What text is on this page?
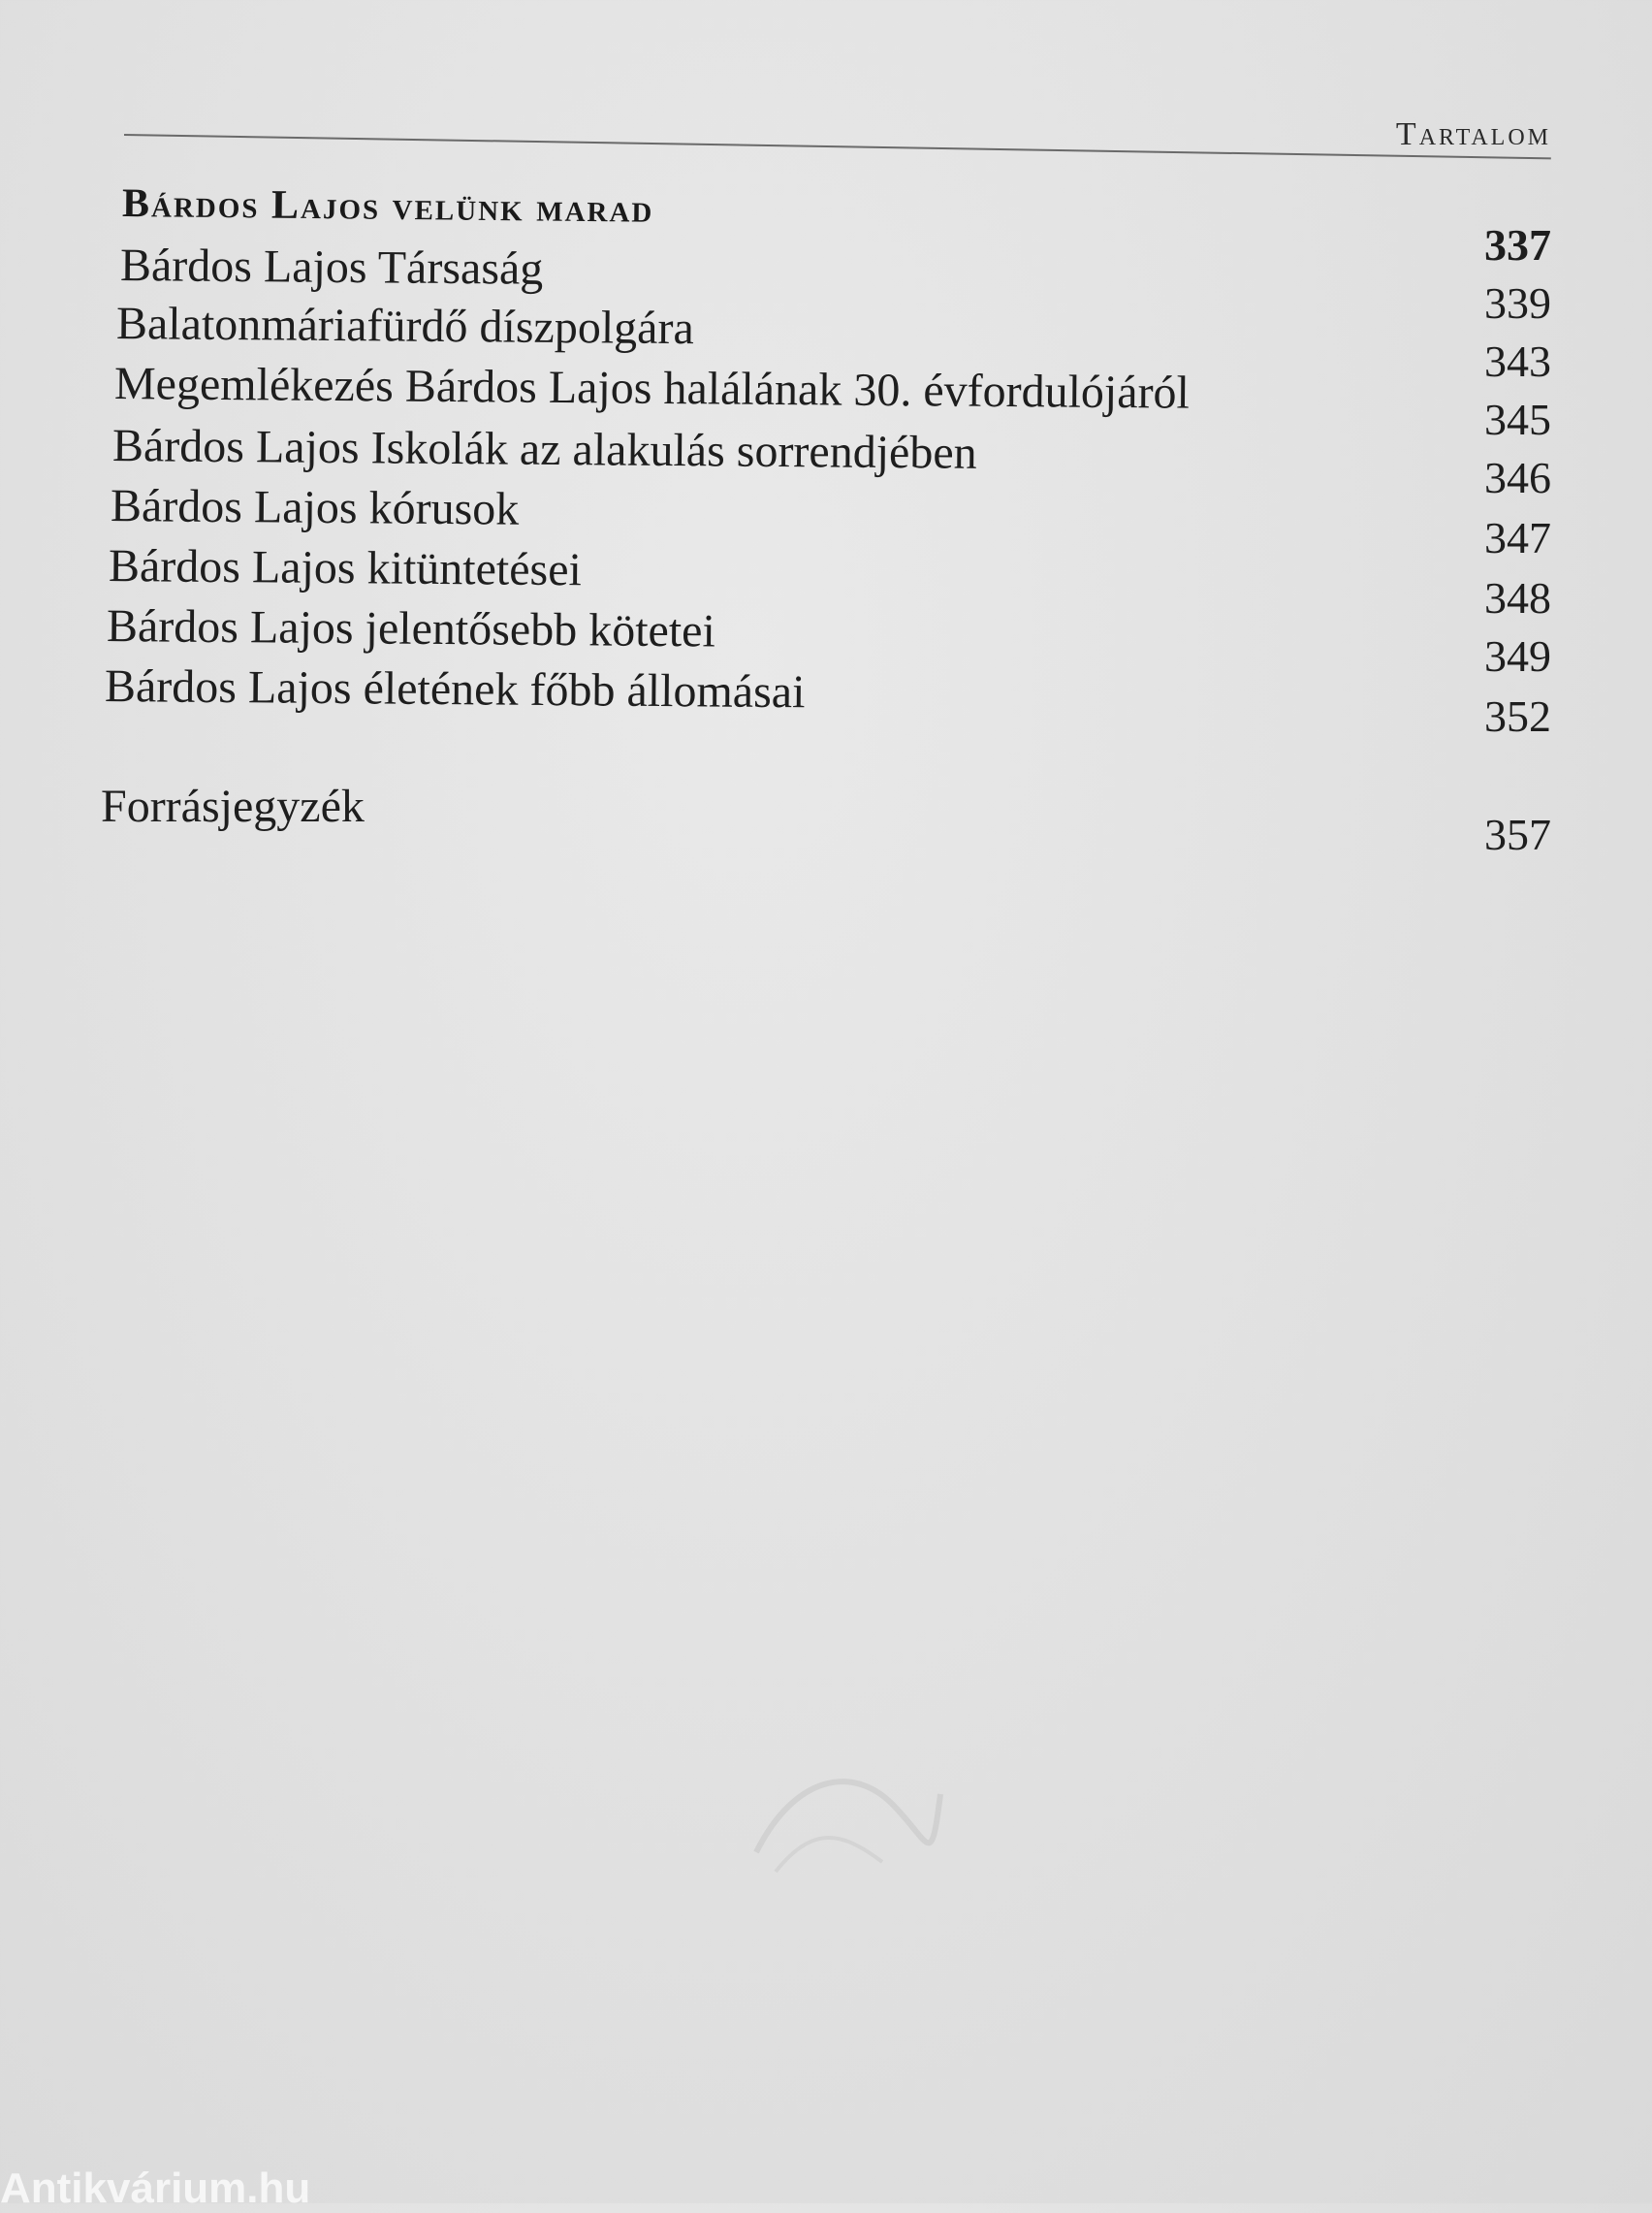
Tartalom
Bárdos Lajos velünk marad
Bárdos Lajos Társaság
Balatonmáriafürdő díszpolgára
Megemlékezés Bárdos Lajos halálának 30. évfordulójáról
Bárdos Lajos Iskolák az alakulás sorrendjében
Bárdos Lajos kórusok
Bárdos Lajos kitüntetései
Bárdos Lajos jelentősebb kötetei
Bárdos Lajos életének főbb állomásai
337
339
343
345
346
347
348
349
352
Forrásjegyzék
357
Antikvárium.hu
